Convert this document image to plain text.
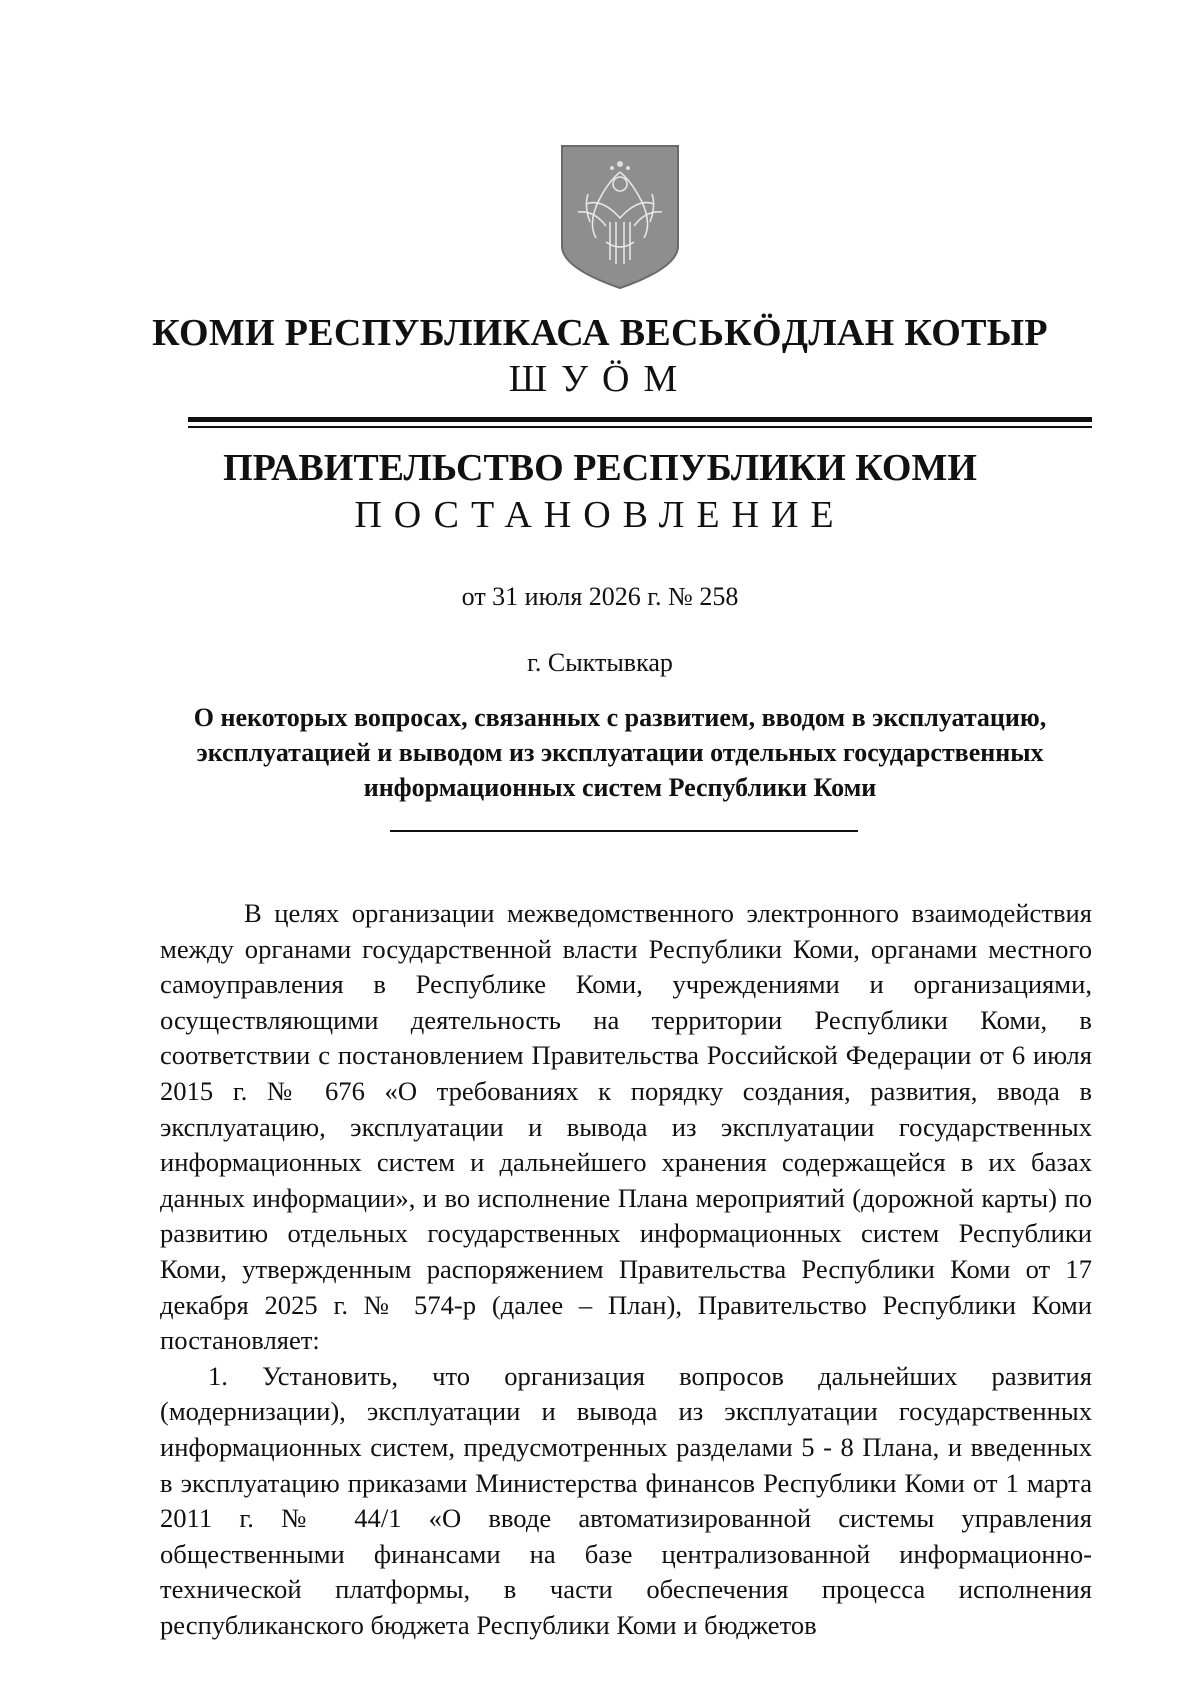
КОМИ РЕСПУБЛИКАСА ВЕСЬКӦДЛАН КОТЫР
ШУӦМ
ПРАВИТЕЛЬСТВО РЕСПУБЛИКИ КОМИ
ПОСТАНОВЛЕНИЕ
от 31 июля 2026 г. № 258
г. Сыктывкар
О некоторых вопросах, связанных с развитием, вводом в эксплуатацию, эксплуатацией и выводом из эксплуатации отдельных государственных информационных систем Республики Коми

В целях организации межведомственного электронного взаимодействия между органами государственной власти Республики Коми, органами местного самоуправления в Республике Коми, учреждениями и организациями, осуществляющими деятельность на территории Республики Коми, в соответствии с постановлением Правительства Российской Федерации от 6 июля 2015 г. № 676 «О требованиях к порядку создания, развития, ввода в эксплуатацию, эксплуатации и вывода из эксплуатации государственных информационных систем и дальнейшего хранения содержащейся в их базах данных информации», и во исполнение Плана мероприятий (дорожной карты) по развитию отдельных государственных информационных систем Республики Коми, утвержденным распоряжением Правительства Республики Коми от 17 декабря 2025 г. № 574-р (далее – План), Правительство Республики Коми постановляет:

1. Установить, что организация вопросов дальнейших развития (модернизации), эксплуатации и вывода из эксплуатации государственных информационных систем, предусмотренных разделами 5 - 8 Плана, и введенных в эксплуатацию приказами Министерства финансов Республики Коми от 1 марта 2011 г. № 44/1 «О вводе автоматизированной системы управления общественными финансами на базе централизованной информационно-технической платформы, в части обеспечения процесса исполнения республиканского бюджета Республики Коми и бюджетов
